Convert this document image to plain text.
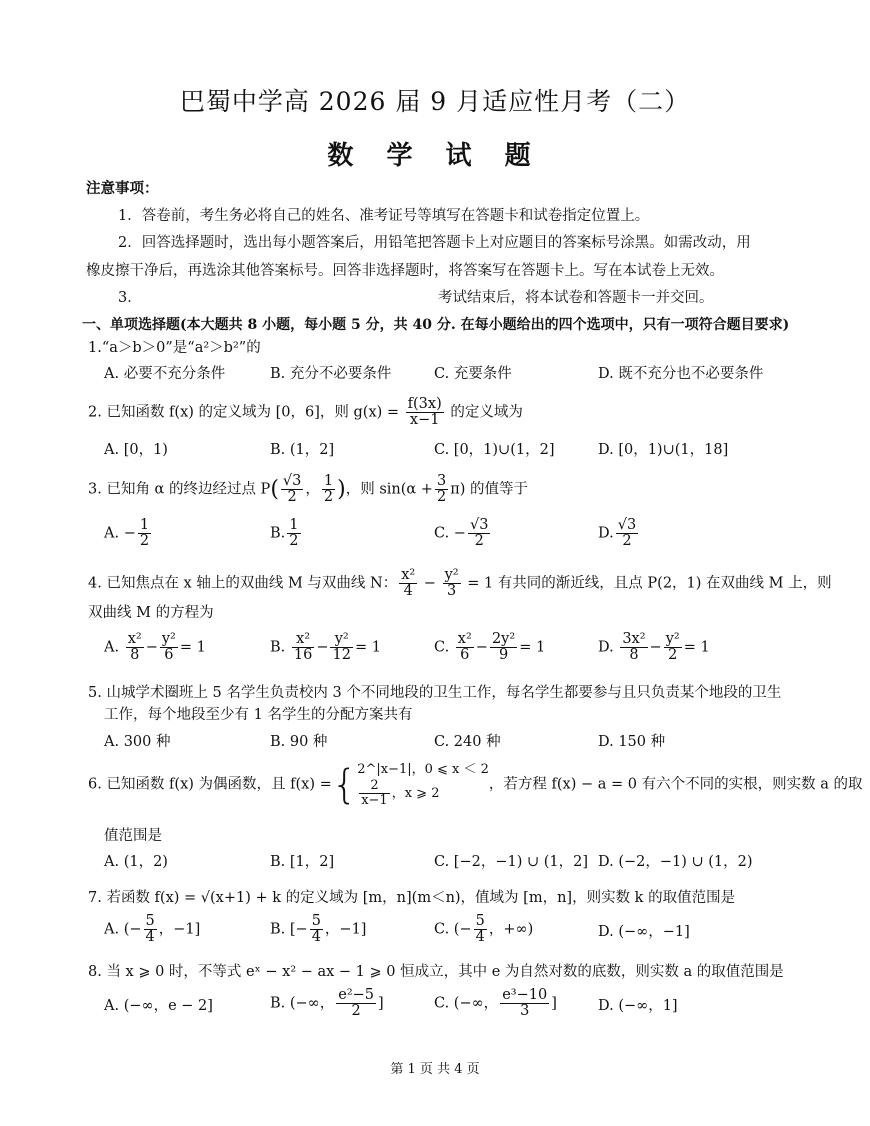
巴蜀中学高 2026 届 9 月适应性月考（二）
数 学 试 题
注意事项：
1．答卷前，考生务必将自己的姓名、准考证号等填写在答题卡和试卷指定位置上。
2．回答选择题时，选出每小题答案后，用铅笔把答题卡上对应题目的答案标号涂黑。如需改动，用
橡皮擦干净后，再选涂其他答案标号。回答非选择题时，将答案写在答题卡上。写在本试卷上无效。
3．	考试结束后，将本试卷和答题卡一并交回。
一、单项选择题(本大题共 8 小题，每小题 5 分，共 40 分. 在每小题给出的四个选项中，只有一项符合题目要求)
1.“a＞b＞0”是“a²＞b²”的
A. 必要不充分条件	B. 充分不必要条件	C. 充要条件	D. 既不充分也不必要条件
2. 已知函数 f(x) 的定义域为 [0，6]，则 $g(x) = \frac{f(3x)}{x-1}$ 的定义域为
A. [0，1)	B. (1，2]	C. [0，1)∪(1，2]	D. [0，1)∪(1，18]
3. 已知角 α 的终边经过点 $P( \frac{√3}{2}$ ， $\frac{1}{2}$ )，则 $\sin(\alpha + \frac{3}{2} \pi)$ 的值等于
A. − $\frac{1}{2}$	B. $\frac{1}{2}$	C. − $\frac{√3}{2}$	D. $\frac{√3}{2}$
4. 已知焦点在 x 轴上的双曲线 M 与双曲线 N： $\frac{\text{x²}}{4} - \frac{\text{y²}}{3} = 1$ 有共同的渐近线，且点 P(2，1) 在双曲线 M 上，则
双曲线 M 的方程为
A. $\frac{\text{x²}}{8} - \frac{\text{y²}}{6} = 1$	B. $\frac{\text{x²}}{16} - \frac{\text{y²}}{12} = 1$	C. $\frac{\text{x²}}{6} - \frac{\text{2y²}}{9} = 1$	D. $\frac{\text{3x²}}{8} - \frac{\text{y²}}{2} = 1$
5. 山城学术圈班上 5 名学生负责校内 3 个不同地段的卫生工作，每名学生都要参与且只负责某个地段的卫生
工作，每个地段至少有 1 名学生的分配方案共有
A. 300 种	B. 90 种	C. 240 种	D. 150 种
6. 已知函数 f(x) 为偶函数，且 f(x) ={ 2^|x−1|，0 ⩽ x ＜ 2
$\frac{2}{x-1}$ ，x ⩾ 2
，若方程 f(x) − a = 0 有六个不同的实根，则实数 a 的取
值范围是
A. (1，2)	B. [1，2]	C. [−2，−1) ∪ (1，2] D. (−2，−1) ∪ (1，2)
7. 若函数 f(x) = √(x+1) + k 的定义域为 [m，n](m＜n)，值域为 [m，n]，则实数 k 的取值范围是
A. (− $\frac{5}{4}$ ，−1]	B. [− $\frac{5}{4}$ ，−1]	C. (− $\frac{5}{4}$ ，+∞)	D. (−∞，−1]
8. 当 x ⩾ 0 时，不等式 eˣ − x² − ax − 1 ⩾ 0 恒成立，其中 e 为自然对数的底数，则实数 a 的取值范围是
A. (−∞，e − 2]	B. (−∞， $\frac{\text{e²−5}}{2}$ ]	C. (−∞， $\frac{\text{e³−10}}{3}$ ]	D. (−∞，1]
第 1 页 共 4 页
